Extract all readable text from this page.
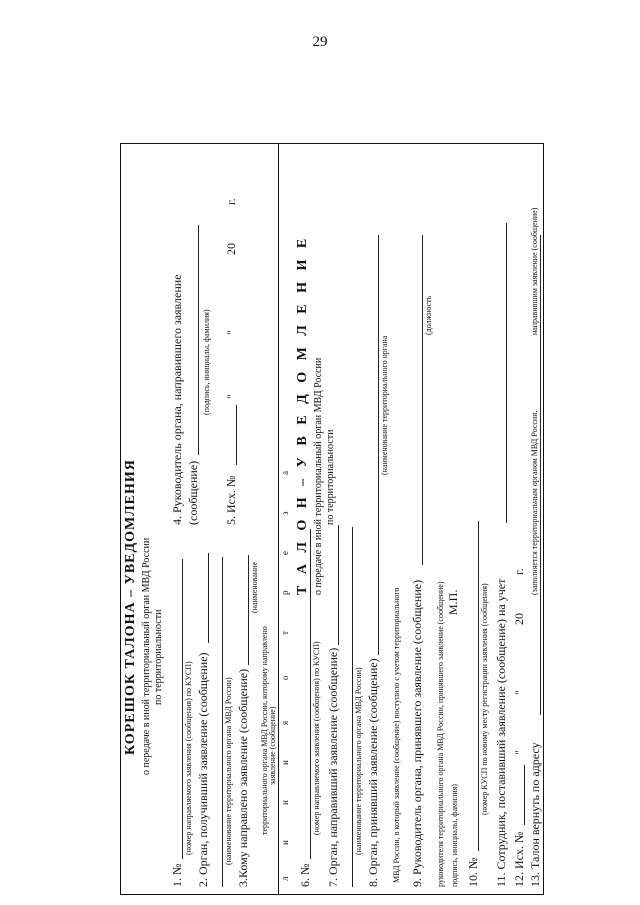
29
КОРЕШОК ТАЛОНА – УВЕДОМЛЕНИЯ о передаче в иной территориальный орган МВД России по территориальности
1. №
(номер направляемого заявления (сообщения) по КУСП) 2. Орган, получивший заявление (сообщение) (наименование территориального органа МВД России) 3.Кому направлено заявление (сообщение)
(наименование
территориального органа МВД России, которому направлено заявление (сообщение)
4. Руководитель органа, направившего заявление (сообщение)
(подпись, инициалы, фамилия)
5. Исх. №
"
"
20
г.
л
и
н
и
я
о
т
р
е
з
а Т А Л О Н – У В Е Д О М Л Е Н И Е о передаче в иной территориальный орган МВД России по территориальности
6. №
(номер направляемого заявления (сообщения) по КУСП) 7. Орган, направивший заявление (сообщение) (наименование территориального органа МВД России) 8. Орган, принявший заявление (сообщение)
(наименование территориального органа
МВД России, в который заявление (сообщение) поступило с учетом территориального 9. Руководитель органа, принявшего заявление (сообщение)
(должность
руководителя территориального органа МВД России, принявшего заявление (сообщение) подпись, инициалы, фамилия)
М.П.
10. №
(номер КУСП по новому месту регистрации заявления (сообщения) 11. Сотрудник, поставивший заявление (сообщение) на учет 12. Исх. №
"
"
20
г.
13. Талон вернуть по адресу
(заполняется территориальным органом МВД России,
направившим заявление (сообщение)
